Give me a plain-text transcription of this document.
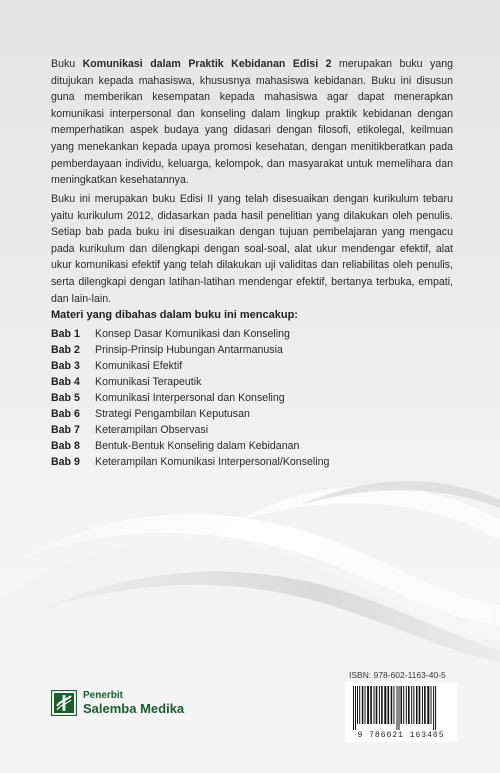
Buku Komunikasi dalam Praktik Kebidanan Edisi 2 merupakan buku yang ditujukan kepada mahasiswa, khususnya mahasiswa kebidanan. Buku ini disusun guna memberikan kesempatan kepada mahasiswa agar dapat menerapkan komunikasi interpersonal dan konseling dalam lingkup praktik kebidanan dengan memperhatikan aspek budaya yang didasari dengan filosofi, etikolegal, keilmuan yang menekankan kepada upaya promosi kesehatan, dengan menitikberatkan pada pemberdayaan individu, keluarga, kelompok, dan masyarakat untuk memelihara dan meningkatkan kesehatannya.

Buku ini merupakan buku Edisi II yang telah disesuaikan dengan kurikulum tebaru yaitu kurikulum 2012, didasarkan pada hasil penelitian yang dilakukan oleh penulis. Setiap bab pada buku ini disesuaikan dengan tujuan pembelajaran yang mengacu pada kurikulum dan dilengkapi dengan soal-soal, alat ukur mendengar efektif, alat ukur komunikasi efektif yang telah dilakukan uji validitas dan reliabilitas oleh penulis, serta dilengkapi dengan latihan-latihan mendengar efektif, bertanya terbuka, empati, dan lain-lain.

Materi yang dibahas dalam buku ini mencakup:

Bab 1 Konsep Dasar Komunikasi dan Konseling
Bab 2 Prinsip-Prinsip Hubungan Antarmanusia
Bab 3 Komunikasi Efektif
Bab 4 Komunikasi Terapeutik
Bab 5 Komunikasi Interpersonal dan Konseling
Bab 6 Strategi Pengambilan Keputusan
Bab 7 Keterampilan Observasi
Bab 8 Bentuk-Bentuk Konseling dalam Kebidanan
Bab 9 Keterampilan Komunikasi Interpersonal/Konseling
Penerbit
Salemba Medika
ISBN: 978-602-1163-40-5
9 786021 163405
